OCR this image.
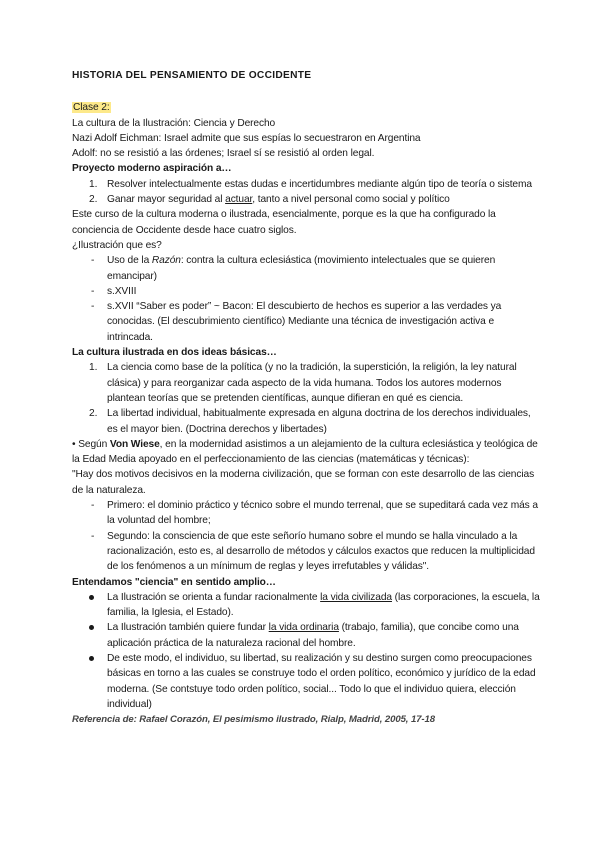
HISTORIA DEL PENSAMIENTO DE OCCIDENTE

Clase 2:

La cultura de la Ilustración: Ciencia y Derecho

Nazi Adolf Eichman: Israel admite que sus espías lo secuestraron en Argentina

Adolf: no se resistió a las órdenes; Israel sí se resistió al orden legal.

Proyecto moderno aspiración a…

1. Resolver intelectualmente estas dudas e incertidumbres mediante algún tipo de teoría o sistema
2. Ganar mayor seguridad al actuar, tanto a nivel personal como social y político

Este curso de la cultura moderna o ilustrada, esencialmente, porque es la que ha configurado la conciencia de Occidente desde hace cuatro siglos.

¿Ilustración que es?

- Uso de la Razón: contra la cultura eclesiástica (movimiento intelectuales que se quieren emancipar)
- s.XVIII
- s.XVII “Saber es poder” ~ Bacon: El descubierto de hechos es superior a las verdades ya conocidas. (El descubrimiento científico) Mediante una técnica de investigación activa e intrincada.

La cultura ilustrada en dos ideas básicas…

1. La ciencia como base de la política (y no la tradición, la superstición, la religión, la ley natural clásica) y para reorganizar cada aspecto de la vida humana. Todos los autores modernos plantean teorías que se pretenden científicas, aunque difieran en qué es ciencia.
2. La libertad individual, habitualmente expresada en alguna doctrina de los derechos individuales, es el mayor bien. (Doctrina derechos y libertades)

• Según Von Wiese, en la modernidad asistimos a un alejamiento de la cultura eclesiástica y teológica de la Edad Media apoyado en el perfeccionamiento de las ciencias (matemáticas y técnicas):

"Hay dos motivos decisivos en la moderna civilización, que se forman con este desarrollo de las ciencias de la naturaleza.

- Primero: el dominio práctico y técnico sobre el mundo terrenal, que se supeditará cada vez más a la voluntad del hombre;
- Segundo: la consciencia de que este señorío humano sobre el mundo se halla vinculado a la racionalización, esto es, al desarrollo de métodos y cálculos exactos que reducen la multiplicidad de los fenómenos a un mínimum de reglas y leyes irrefutables y válidas".

Entendamos "ciencia" en sentido amplio…

La Ilustración se orienta a fundar racionalmente la vida civilizada (las corporaciones, la escuela, la familia, la Iglesia, el Estado).
La Ilustración también quiere fundar la vida ordinaria (trabajo, familia), que concibe como una aplicación práctica de la naturaleza racional del hombre.
De este modo, el individuo, su libertad, su realización y su destino surgen como preocupaciones básicas en torno a las cuales se construye todo el orden político, económico y jurídico de la edad moderna. (Se contstuye todo orden político, social... Todo lo que el individuo quiera, elección individual)

Referencia de: Rafael Corazón, El pesimismo ilustrado, Rialp, Madrid, 2005, 17-18
